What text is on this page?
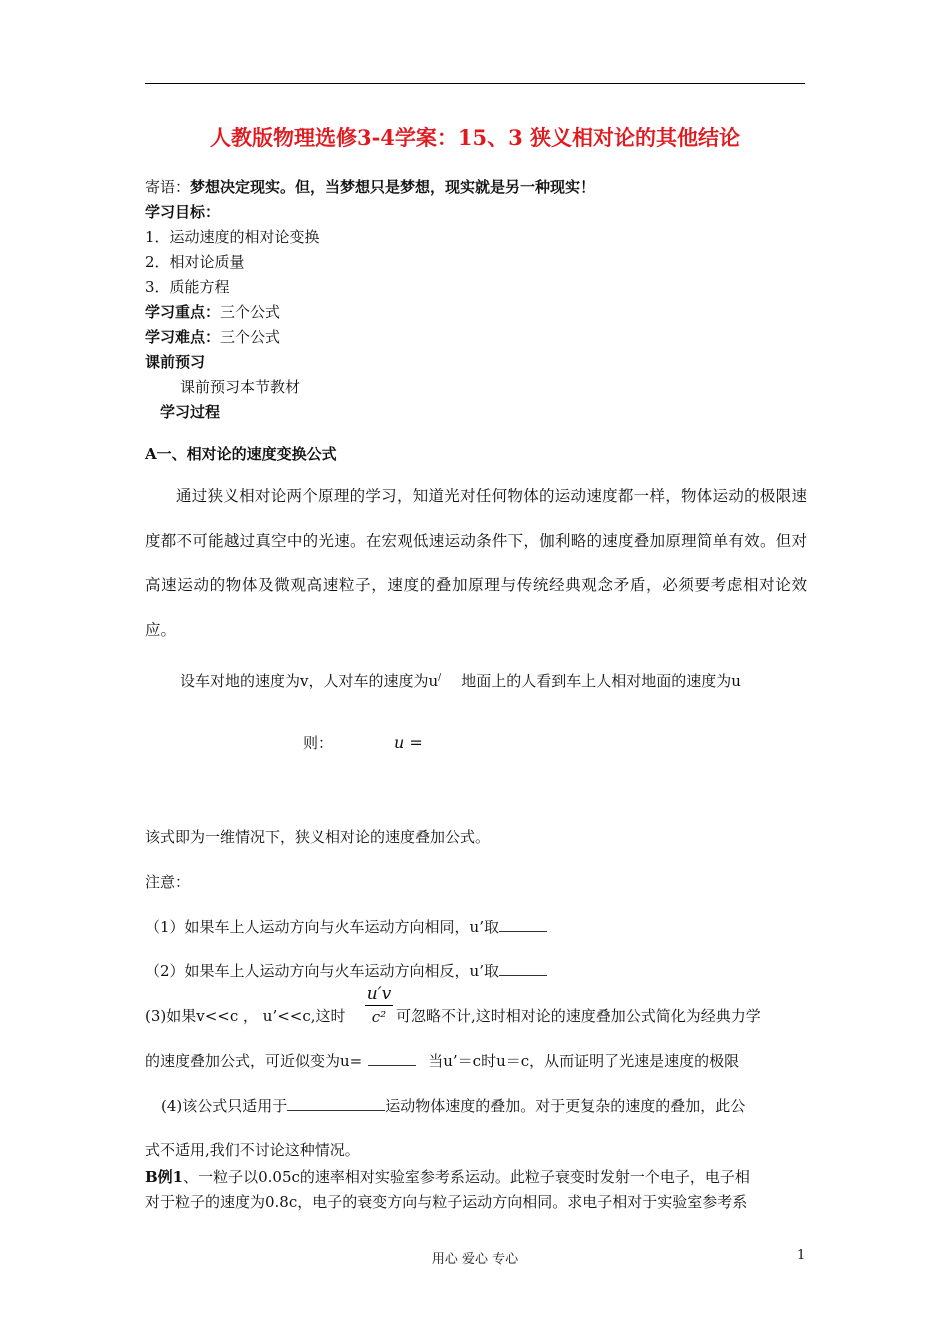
人教版物理选修3-4学案：15、3 狭义相对论的其他结论
寄语：梦想决定现实。但，当梦想只是梦想，现实就是另一种现实！
学习目标：
1．运动速度的相对论变换
2．相对论质量
3．质能方程
学习重点：三个公式
学习难点：三个公式
课前预习
课前预习本节教材
学习过程
A一、相对论的速度变换公式
通过狭义相对论两个原理的学习，知道光对任何物体的运动速度都一样，物体运动的极限速度都不可能越过真空中的光速。在宏观低速运动条件下，伽利略的速度叠加原理简单有效。但对高速运动的物体及微观高速粒子，速度的叠加原理与传统经典观念矛盾，必须要考虑相对论效应。
设车对地的速度为v，人对车的速度为u/ 地面上的人看到车上人相对地面的速度为u
则：	u =
该式即为一维情况下，狭义相对论的速度叠加公式。
注意：
（1）如果车上人运动方向与火车运动方向相同，u’取
（2）如果车上人运动方向与火车运动方向相反，u’取
(3)如果v<<c ， u’<<c,这时
u′v
c² 可忽略不计,这时相对论的速度叠加公式简化为经典力学
的速度叠加公式，可近似变为u=	当u’＝c时u＝c，从而证明了光速是速度的极限
(4)该公式只适用于	运动物体速度的叠加。对于更复杂的速度的叠加，此公
式不适用,我们不讨论这种情况。
B例1、一粒子以0.05c的速率相对实验室参考系运动。此粒子衰变时发射一个电子，电子相
对于粒子的速度为0.8c，电子的衰变方向与粒子运动方向相同。求电子相对于实验室参考系
用心 爱心 专心	1
